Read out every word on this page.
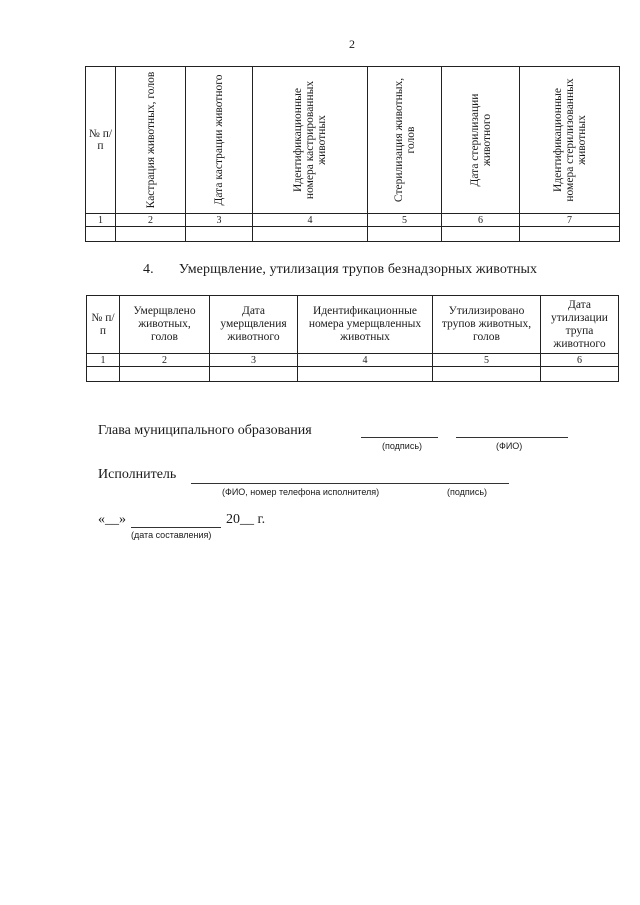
2
№ п/п	Кастрация животных, голов	Дата кастрации животного	Идентификационные номера кастрированных животных	Стерилизация животных, голов	Дата стерилизации животного	Идентификационные номера стерилизованных животных

1	2	3	4	5	6	7

4. Умерщвление, утилизация трупов безнадзорных животных
№ п/п	Умерщвлено животных, голов	Дата умерщвления животного	Идентификационные номера умерщвленных животных	Утилизировано трупов животных, голов	Дата утилизации трупа животного

1	2	3	4	5	6

Глава муниципального образования
(подпись)	(ФИО)
Исполнитель
(ФИО, номер телефона исполнителя)	(подпись)
«__»	20__ г.
(дата составления)
